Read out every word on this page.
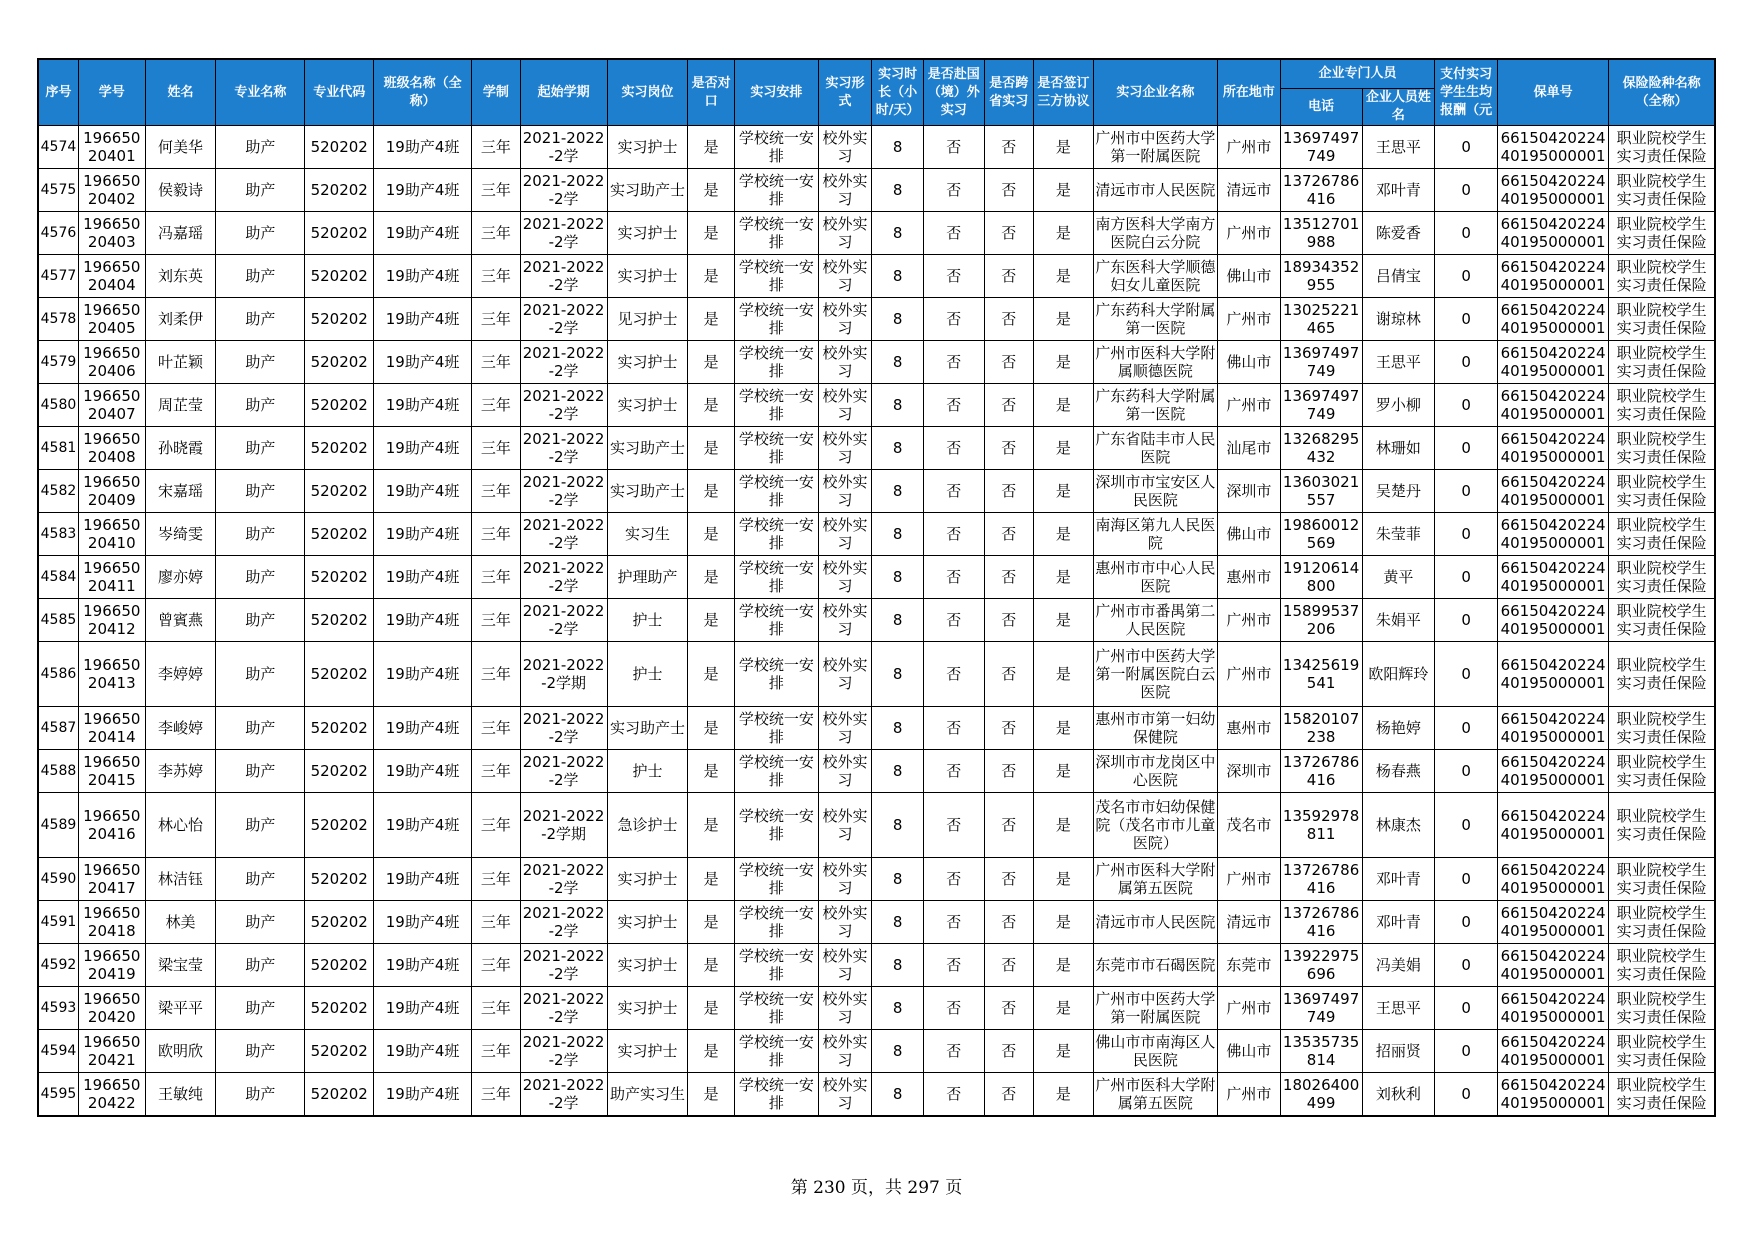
序号	学号	姓名	专业名称	专业代码	班级名称（全称）	学制	起始学期	实习岗位	是否对口	实习安排	实习形式	实习时长（小时/天）	是否赴国（境）外实习	是否跨省实习	是否签订三方协议	实习企业名称	所在地市	企业专门人员		支付实习学生生均报酬（元	保单号	保险险种名称（全称）
																		电话	企业人员姓名			
4574	19665020401	何美华	助产	520202	19助产4班	三年	2021-2022-2学	实习护士	是	学校统一安排	校外实习	8	否	否	是	广州市中医药大学第一附属医院	广州市	13697497749	王思平	0	6615042022440195000001	职业院校学生实习责任保险
4575	19665020402	侯毅诗	助产	520202	19助产4班	三年	2021-2022-2学	实习助产士	是	学校统一安排	校外实习	8	否	否	是	清远市市人民医院	清远市	13726786416	邓叶青	0	6615042022440195000001	职业院校学生实习责任保险
4576	19665020403	冯嘉瑶	助产	520202	19助产4班	三年	2021-2022-2学	实习护士	是	学校统一安排	校外实习	8	否	否	是	南方医科大学南方医院白云分院	广州市	13512701988	陈爱香	0	6615042022440195000001	职业院校学生实习责任保险
4577	19665020404	刘东英	助产	520202	19助产4班	三年	2021-2022-2学	实习护士	是	学校统一安排	校外实习	8	否	否	是	广东医科大学顺德妇女儿童医院	佛山市	18934352955	吕倩宝	0	6615042022440195000001	职业院校学生实习责任保险
4578	19665020405	刘柔伊	助产	520202	19助产4班	三年	2021-2022-2学	见习护士	是	学校统一安排	校外实习	8	否	否	是	广东药科大学附属第一医院	广州市	13025221465	谢琼林	0	6615042022440195000001	职业院校学生实习责任保险
4579	19665020406	叶芷颖	助产	520202	19助产4班	三年	2021-2022-2学	实习护士	是	学校统一安排	校外实习	8	否	否	是	广州市医科大学附属顺德医院	佛山市	13697497749	王思平	0	6615042022440195000001	职业院校学生实习责任保险
4580	19665020407	周芷莹	助产	520202	19助产4班	三年	2021-2022-2学	实习护士	是	学校统一安排	校外实习	8	否	否	是	广东药科大学附属第一医院	广州市	13697497749	罗小柳	0	6615042022440195000001	职业院校学生实习责任保险
4581	19665020408	孙晓霞	助产	520202	19助产4班	三年	2021-2022-2学	实习助产士	是	学校统一安排	校外实习	8	否	否	是	广东省陆丰市人民医院	汕尾市	13268295432	林珊如	0	6615042022440195000001	职业院校学生实习责任保险
4582	19665020409	宋嘉瑶	助产	520202	19助产4班	三年	2021-2022-2学	实习助产士	是	学校统一安排	校外实习	8	否	否	是	深圳市市宝安区人民医院	深圳市	13603021557	吴楚丹	0	6615042022440195000001	职业院校学生实习责任保险
4583	19665020410	岑绮雯	助产	520202	19助产4班	三年	2021-2022-2学	实习生	是	学校统一安排	校外实习	8	否	否	是	南海区第九人民医院	佛山市	19860012569	朱莹菲	0	6615042022440195000001	职业院校学生实习责任保险
4584	19665020411	廖亦婷	助产	520202	19助产4班	三年	2021-2022-2学	护理助产	是	学校统一安排	校外实习	8	否	否	是	惠州市市中心人民医院	惠州市	19120614800	黄平	0	6615042022440195000001	职业院校学生实习责任保险
4585	19665020412	曾賓燕	助产	520202	19助产4班	三年	2021-2022-2学	护士	是	学校统一安排	校外实习	8	否	否	是	广州市市番禺第二人民医院	广州市	15899537206	朱娟平	0	6615042022440195000001	职业院校学生实习责任保险
4586	19665020413	李婷婷	助产	520202	19助产4班	三年	2021-2022-2学期	护士	是	学校统一安排	校外实习	8	否	否	是	广州市中医药大学第一附属医院白云医院	广州市	13425619541	欧阳辉玲	0	6615042022440195000001	职业院校学生实习责任保险
4587	19665020414	李峻婷	助产	520202	19助产4班	三年	2021-2022-2学	实习助产士	是	学校统一安排	校外实习	8	否	否	是	惠州市市第一妇幼保健院	惠州市	15820107238	杨艳婷	0	6615042022440195000001	职业院校学生实习责任保险
4588	19665020415	李苏婷	助产	520202	19助产4班	三年	2021-2022-2学	护士	是	学校统一安排	校外实习	8	否	否	是	深圳市市龙岗区中心医院	深圳市	13726786416	杨春燕	0	6615042022440195000001	职业院校学生实习责任保险
4589	19665020416	林心怡	助产	520202	19助产4班	三年	2021-2022-2学期	急诊护士	是	学校统一安排	校外实习	8	否	否	是	茂名市市妇幼保健院（茂名市市儿童医院）	茂名市	13592978811	林康杰	0	6615042022440195000001	职业院校学生实习责任保险
4590	19665020417	林洁钰	助产	520202	19助产4班	三年	2021-2022-2学	实习护士	是	学校统一安排	校外实习	8	否	否	是	广州市医科大学附属第五医院	广州市	13726786416	邓叶青	0	6615042022440195000001	职业院校学生实习责任保险
4591	19665020418	林美	助产	520202	19助产4班	三年	2021-2022-2学	实习护士	是	学校统一安排	校外实习	8	否	否	是	清远市市人民医院	清远市	13726786416	邓叶青	0	6615042022440195000001	职业院校学生实习责任保险
4592	19665020419	梁宝莹	助产	520202	19助产4班	三年	2021-2022-2学	实习护士	是	学校统一安排	校外实习	8	否	否	是	东莞市市石碣医院	东莞市	13922975696	冯美娟	0	6615042022440195000001	职业院校学生实习责任保险
4593	19665020420	梁平平	助产	520202	19助产4班	三年	2021-2022-2学	实习护士	是	学校统一安排	校外实习	8	否	否	是	广州市中医药大学第一附属医院	广州市	13697497749	王思平	0	6615042022440195000001	职业院校学生实习责任保险
4594	19665020421	欧明欣	助产	520202	19助产4班	三年	2021-2022-2学	实习护士	是	学校统一安排	校外实习	8	否	否	是	佛山市市南海区人民医院	佛山市	13535735814	招丽贤	0	6615042022440195000001	职业院校学生实习责任保险
4595	19665020422	王敏纯	助产	520202	19助产4班	三年	2021-2022-2学	助产实习生	是	学校统一安排	校外实习	8	否	否	是	广州市医科大学附属第五医院	广州市	18026400499	刘秋利	0	6615042022440195000001	职业院校学生实习责任保险
第 230 页，共 297 页
